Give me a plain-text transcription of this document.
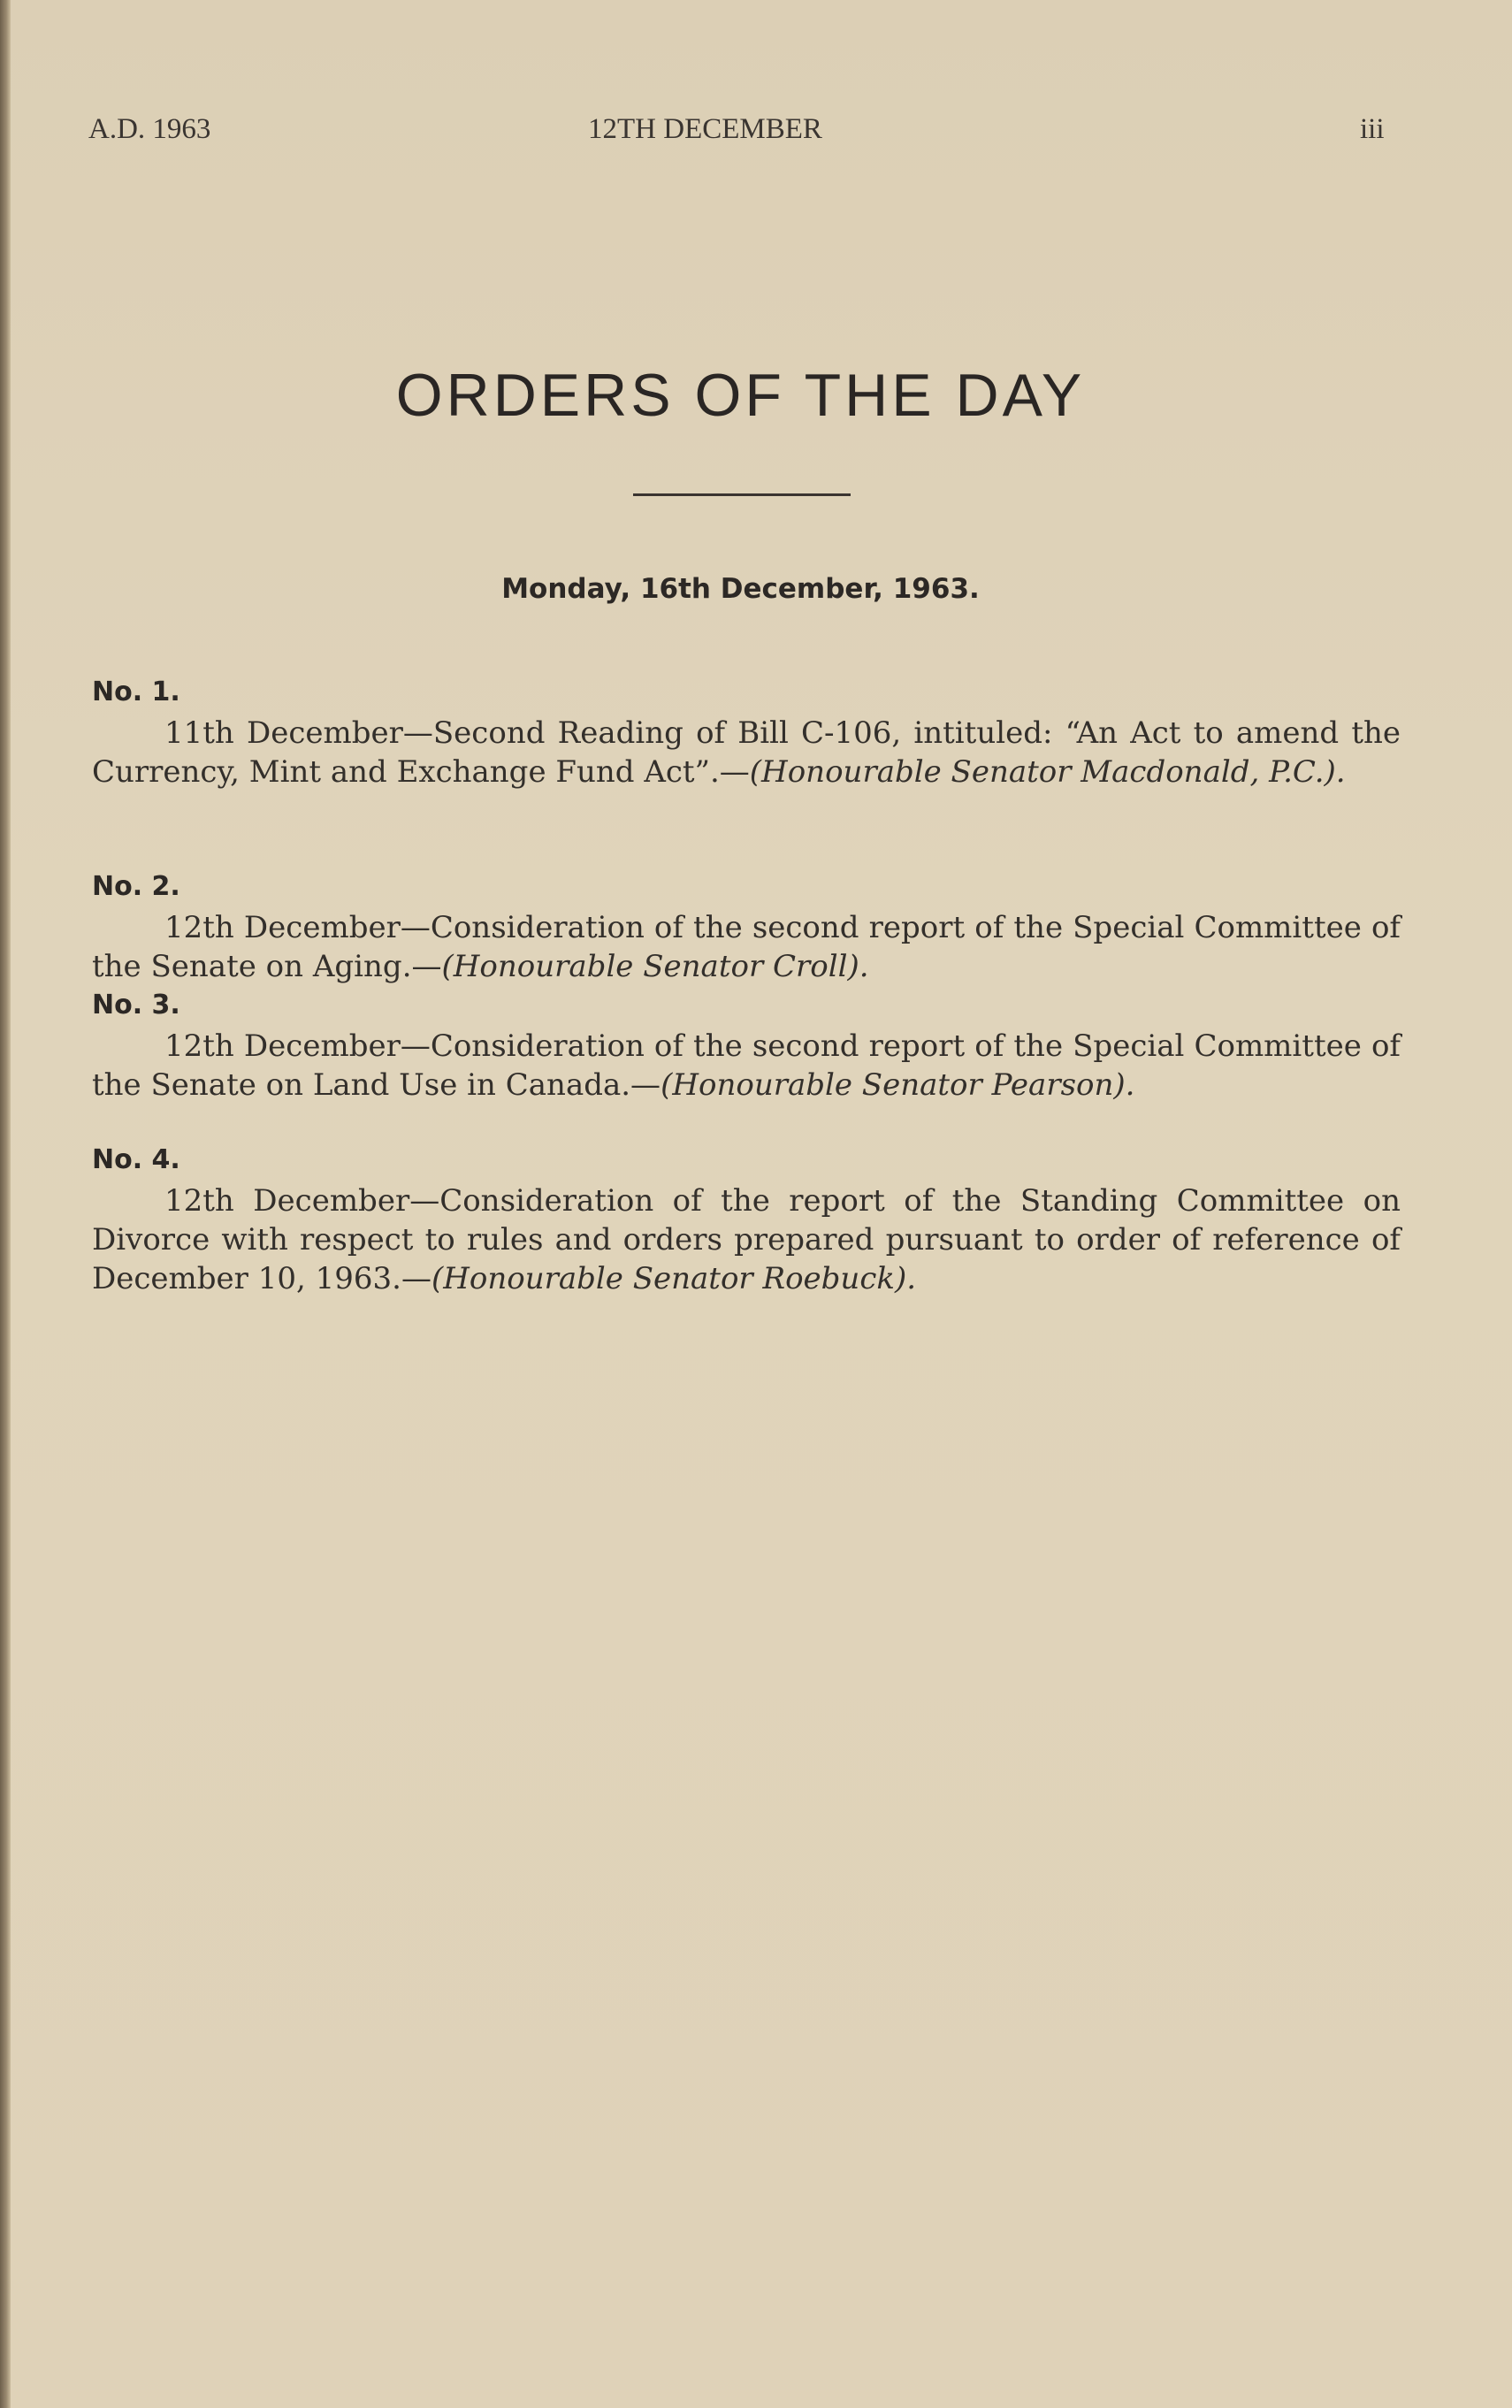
A.D. 1963	12TH DECEMBER	iii
ORDERS OF THE DAY
Monday, 16th December, 1963.
No. 1.
11th December—Second Reading of Bill C-106, intituled: “An Act to amend the Currency, Mint and Exchange Fund Act”.—(Honourable Senator Macdonald, P.C.).
No. 2.
12th December—Consideration of the second report of the Special Committee of the Senate on Aging.—(Honourable Senator Croll).
No. 3.
12th December—Consideration of the second report of the Special Committee of the Senate on Land Use in Canada.—(Honourable Senator Pearson).
No. 4.
12th December—Consideration of the report of the Standing Committee on Divorce with respect to rules and orders prepared pursuant to order of reference of December 10, 1963.—(Honourable Senator Roebuck).
